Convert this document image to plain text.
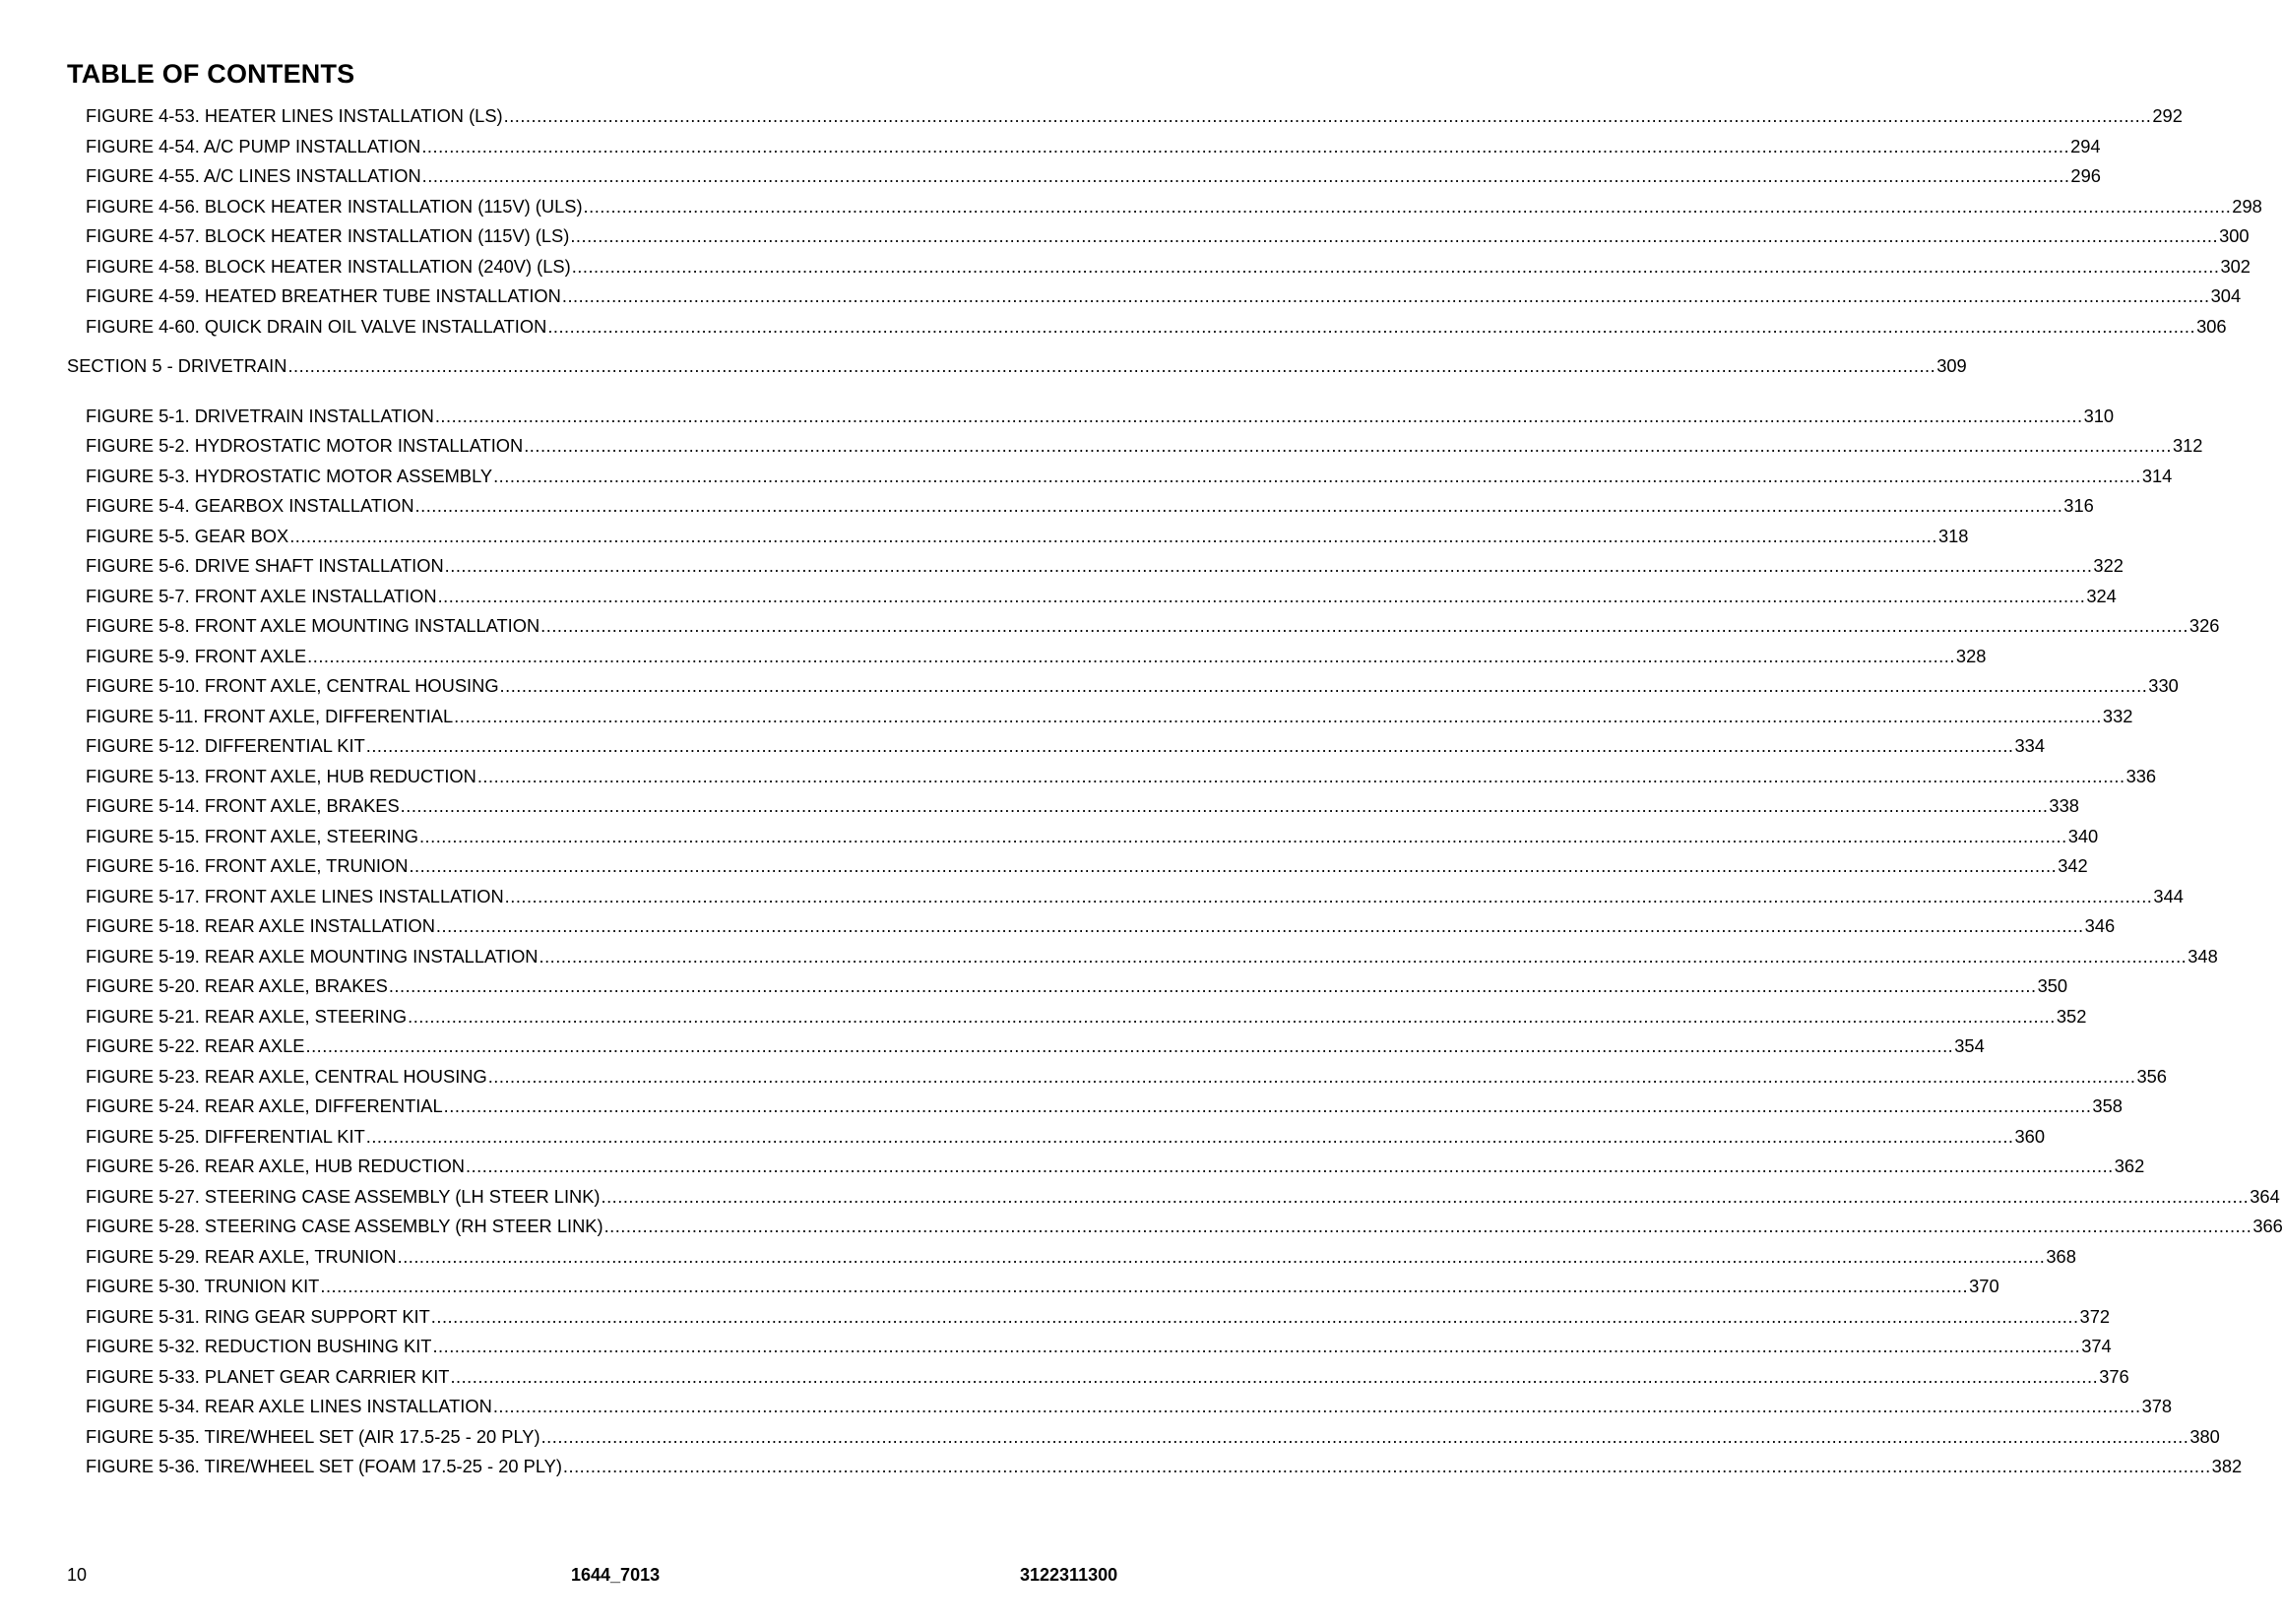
TABLE OF CONTENTS
FIGURE 4-53. HEATER LINES INSTALLATION (LS) ............................................................................................................................................................................................................................................................................................................ 292
FIGURE 4-54. A/C PUMP INSTALLATION ............................................................................................................................................................................................................................................................................................................ 294
FIGURE 4-55. A/C LINES INSTALLATION ............................................................................................................................................................................................................................................................................................................ 296
FIGURE 4-56. BLOCK HEATER INSTALLATION (115V) (ULS) ............................................................................................................................................................................................................................................................................................................ 298
FIGURE 4-57. BLOCK HEATER INSTALLATION (115V) (LS) ............................................................................................................................................................................................................................................................................................................ 300
FIGURE 4-58. BLOCK HEATER INSTALLATION (240V) (LS) ............................................................................................................................................................................................................................................................................................................ 302
FIGURE 4-59. HEATED BREATHER TUBE INSTALLATION ............................................................................................................................................................................................................................................................................................................ 304
FIGURE 4-60. QUICK DRAIN OIL VALVE INSTALLATION ............................................................................................................................................................................................................................................................................................................ 306
SECTION 5 - DRIVETRAIN ............................................................................................................................................................................................................................................................................................................ 309
FIGURE 5-1. DRIVETRAIN INSTALLATION ............................................................................................................................................................................................................................................................................................................ 310
FIGURE 5-2. HYDROSTATIC MOTOR INSTALLATION ............................................................................................................................................................................................................................................................................................................ 312
FIGURE 5-3. HYDROSTATIC MOTOR ASSEMBLY ............................................................................................................................................................................................................................................................................................................ 314
FIGURE 5-4. GEARBOX INSTALLATION ............................................................................................................................................................................................................................................................................................................ 316
FIGURE 5-5. GEAR BOX ............................................................................................................................................................................................................................................................................................................ 318
FIGURE 5-6. DRIVE SHAFT INSTALLATION ............................................................................................................................................................................................................................................................................................................ 322
FIGURE 5-7. FRONT AXLE INSTALLATION ............................................................................................................................................................................................................................................................................................................ 324
FIGURE 5-8. FRONT AXLE MOUNTING INSTALLATION ............................................................................................................................................................................................................................................................................................................ 326
FIGURE 5-9. FRONT AXLE ............................................................................................................................................................................................................................................................................................................ 328
FIGURE 5-10. FRONT AXLE, CENTRAL HOUSING ............................................................................................................................................................................................................................................................................................................ 330
FIGURE 5-11. FRONT AXLE, DIFFERENTIAL ............................................................................................................................................................................................................................................................................................................ 332
FIGURE 5-12. DIFFERENTIAL KIT ............................................................................................................................................................................................................................................................................................................ 334
FIGURE 5-13. FRONT AXLE, HUB REDUCTION ............................................................................................................................................................................................................................................................................................................ 336
FIGURE 5-14. FRONT AXLE, BRAKES ............................................................................................................................................................................................................................................................................................................ 338
FIGURE 5-15. FRONT AXLE, STEERING ............................................................................................................................................................................................................................................................................................................ 340
FIGURE 5-16. FRONT AXLE, TRUNION ............................................................................................................................................................................................................................................................................................................ 342
FIGURE 5-17. FRONT AXLE LINES INSTALLATION ............................................................................................................................................................................................................................................................................................................ 344
FIGURE 5-18. REAR AXLE INSTALLATION ............................................................................................................................................................................................................................................................................................................ 346
FIGURE 5-19. REAR AXLE MOUNTING INSTALLATION ............................................................................................................................................................................................................................................................................................................ 348
FIGURE 5-20. REAR AXLE, BRAKES ............................................................................................................................................................................................................................................................................................................ 350
FIGURE 5-21. REAR AXLE, STEERING ............................................................................................................................................................................................................................................................................................................ 352
FIGURE 5-22. REAR AXLE ............................................................................................................................................................................................................................................................................................................ 354
FIGURE 5-23. REAR AXLE, CENTRAL HOUSING ............................................................................................................................................................................................................................................................................................................ 356
FIGURE 5-24. REAR AXLE, DIFFERENTIAL ............................................................................................................................................................................................................................................................................................................ 358
FIGURE 5-25. DIFFERENTIAL KIT ............................................................................................................................................................................................................................................................................................................ 360
FIGURE 5-26. REAR AXLE, HUB REDUCTION ............................................................................................................................................................................................................................................................................................................ 362
FIGURE 5-27. STEERING CASE ASSEMBLY (LH STEER LINK) ............................................................................................................................................................................................................................................................................................................ 364
FIGURE 5-28. STEERING CASE ASSEMBLY (RH STEER LINK) ............................................................................................................................................................................................................................................................................................................ 366
FIGURE 5-29. REAR AXLE, TRUNION ............................................................................................................................................................................................................................................................................................................ 368
FIGURE 5-30. TRUNION KIT ............................................................................................................................................................................................................................................................................................................ 370
FIGURE 5-31. RING GEAR SUPPORT KIT ............................................................................................................................................................................................................................................................................................................ 372
FIGURE 5-32. REDUCTION BUSHING KIT ............................................................................................................................................................................................................................................................................................................ 374
FIGURE 5-33. PLANET GEAR CARRIER KIT ............................................................................................................................................................................................................................................................................................................ 376
FIGURE 5-34. REAR AXLE LINES INSTALLATION ............................................................................................................................................................................................................................................................................................................ 378
FIGURE 5-35. TIRE/WHEEL SET (AIR 17.5-25 - 20 PLY) ............................................................................................................................................................................................................................................................................................................ 380
FIGURE 5-36. TIRE/WHEEL SET (FOAM 17.5-25 - 20 PLY) ............................................................................................................................................................................................................................................................................................................ 382
10	1644_7013	3122311300
